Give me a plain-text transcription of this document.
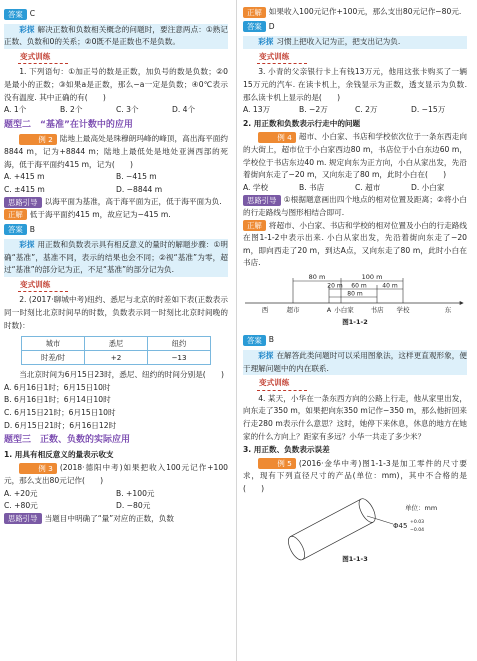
答案 C

彩探 解决正数和负数相关概念的问题时，要注意两点：①熟记正数、负数和0的关系；②0既不是正数也不是负数。

变式训练

1. 下列语句：①加正号的数是正数，加负号的数是负数；②0是最小的正数；③如果a是正数，那么−a一定是负数；④0℃表示没有温度. 其中正确的有(　　)

A. 1个	B. 2个	C. 3个	D. 4个

题型二　 “基准”在计数中的应用

例 2 陆地上最高处是珠穆朗玛峰的峰顶，高出海平面约8844 m，记为+8844 m；陆地上最低处是地处亚洲西部的死海，低于海平面约415 m，记为(　　)

A. +415 m	B. −415 m
C. ±415 m	D. −8844 m

思路引导 以海平面为基准，高于海平面为正，低于海平面为负.

正解 低于海平面约415 m，故应记为−415 m.

答案 B

彩探 用正数和负数表示具有相反意义的量时的解题步骤：①明确“基准”，基准不同，表示的结果也会不同；②视“基准”为零，超过“基准”的部分记为正，不足“基准”的部分记为负.

变式训练

2. (2017·聊城中考)纽约、悉尼与北京的时差如下表(正数表示同一时刻比北京时间早的时数，负数表示同一时刻比北京时间晚的时数)：

城市	悉尼	纽约
时差/时	+2	−13

当北京时间为6月15日23时，悉尼、纽约的时间分别是(　　)

A. 6月16日1时；6月15日10时

B. 6月16日1时；6月14日10时

C. 6月15日21时；6月15日10时

D. 6月15日21时；6月16日12时

题型三　 正数、负数的实际应用

1. 用具有相反意义的量表示收支

例 3 (2018·德阳中考)如果把收入100元记作+100元，那么支出80元记作(　　)

A. +20元	B. +100元
C. +80元	D. −80元

思路引导 当题目中明确了“量”对应的正数，负数

正解 如果收入100元记作+100元，那么支出80元记作−80元.

答案 D

彩探 习惯上把收入记为正，把支出记为负.

变式训练

3. 小青的父亲银行卡上有钱13万元，他用这张卡购买了一辆15万元的汽车. 在读卡机上，余钱显示为正数，透支显示为负数. 那么读卡机上显示的是(　　)

A. 13万	B. −2万	C. 2万	D. −15万

2. 用正数和负数表示行走中的问题

例 4 超市、小白家、书店和学校依次位于一条东西走向的大街上，超市位于小白家西边80 m，书店位于小白东边60 m，学校位于书店东边40 m. 规定向东为正方向，小白从家出发，先沿着街向东走了−20 m，又向东走了80 m，此时小白在(　　)

A. 学校	B. 书店	C. 超市	D. 小白家

思路引导 ①根据题意画出四个地点的相对位置及距离；②将小白的行走路线与图形相结合即可.

正解 将超市、小白家、书店和学校的相对位置及小白的行走路线在图1-1-2中表示出来. 小白从家出发，先沿着街向东走了−20 m，即向西走了20 m，到达A点，又向东走了80 m，此时小白在书店.

80 m	100 m
20 m 60 m	40 m
西	超市	A 小白家	书店 学校	东
80 m
图1-1-2

答案 B

彩探 在解答此类问题时可以采用图象法，这样更直观形象，便于理解问题中的内在联系.

变式训练

4. 某天，小华在一条东西方向的公路上行走，他从家里出发，向东走了350 m，如果把向东350 m记作−350 m，那么他折回来行走280 m表示什么意思？这时，她停下来休息，休息的地方在她家的什么方向上？距家有多远？小华一共走了多少米？

3. 用正数、负数表示误差

例 5 (2016·金华中考)图1-1-3是加工零件的尺寸要求，现有下列直径尺寸的产品(单位：mm)，其中不合格的是(　　)

单位：mm
Φ45 +0.03
−0.04
图1-1-3
